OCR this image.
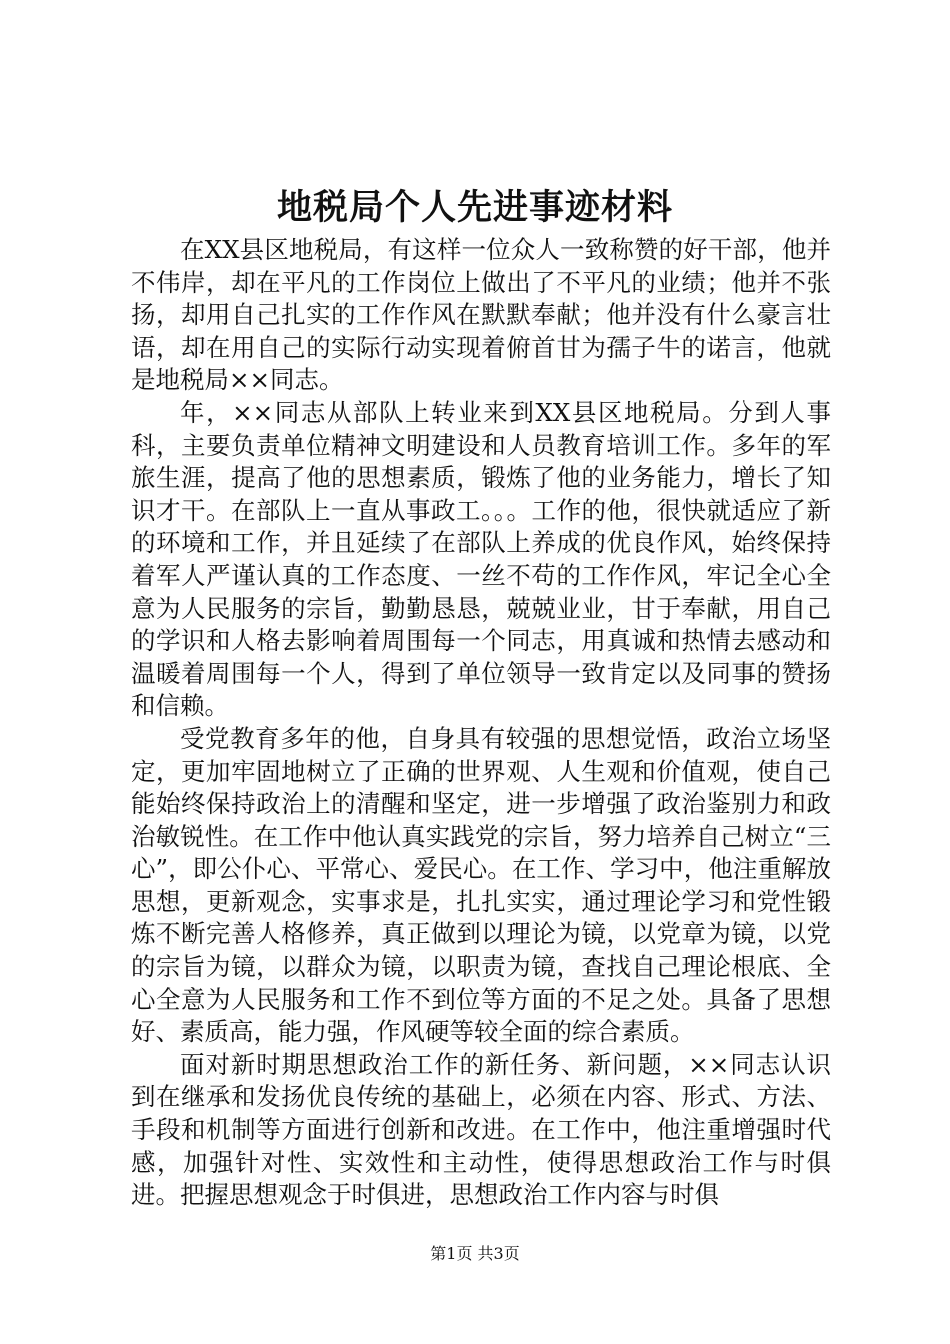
地税局个人先进事迹材料

在XX县区地税局，有这样一位众人一致称赞的好干部，他并不伟岸，却在平凡的工作岗位上做出了不平凡的业绩；他并不张扬，却用自己扎实的工作作风在默默奉献；他并没有什么豪言壮语，却在用自己的实际行动实现着俯首甘为孺子牛的诺言，他就是地税局××同志。

年，××同志从部队上转业来到XX县区地税局。分到人事科，主要负责单位精神文明建设和人员教育培训工作。多年的军旅生涯，提高了他的思想素质，锻炼了他的业务能力，增长了知识才干。在部队上一直从事政工。。。工作的他，很快就适应了新的环境和工作，并且延续了在部队上养成的优良作风，始终保持着军人严谨认真的工作态度、一丝不苟的工作作风，牢记全心全意为人民服务的宗旨，勤勤恳恳，兢兢业业，甘于奉献，用自己的学识和人格去影响着周围每一个同志，用真诚和热情去感动和温暖着周围每一个人，得到了单位领导一致肯定以及同事的赞扬和信赖。

受党教育多年的他，自身具有较强的思想觉悟，政治立场坚定，更加牢固地树立了正确的世界观、人生观和价值观，使自己能始终保持政治上的清醒和坚定，进一步增强了政治鉴别力和政治敏锐性。在工作中他认真实践党的宗旨，努力培养自己树立“三心”，即公仆心、平常心、爱民心。在工作、学习中，他注重解放思想，更新观念，实事求是，扎扎实实，通过理论学习和党性锻炼不断完善人格修养，真正做到以理论为镜，以党章为镜，以党的宗旨为镜，以群众为镜，以职责为镜，查找自己理论根底、全心全意为人民服务和工作不到位等方面的不足之处。具备了思想好、素质高，能力强，作风硬等较全面的综合素质。

面对新时期思想政治工作的新任务、新问题，××同志认识到在继承和发扬优良传统的基础上，必须在内容、形式、方法、手段和机制等方面进行创新和改进。在工作中，他注重增强时代感，加强针对性、实效性和主动性，使得思想政治工作与时俱进。把握思想观念于时俱进，思想政治工作内容与时俱

第1页 共3页
